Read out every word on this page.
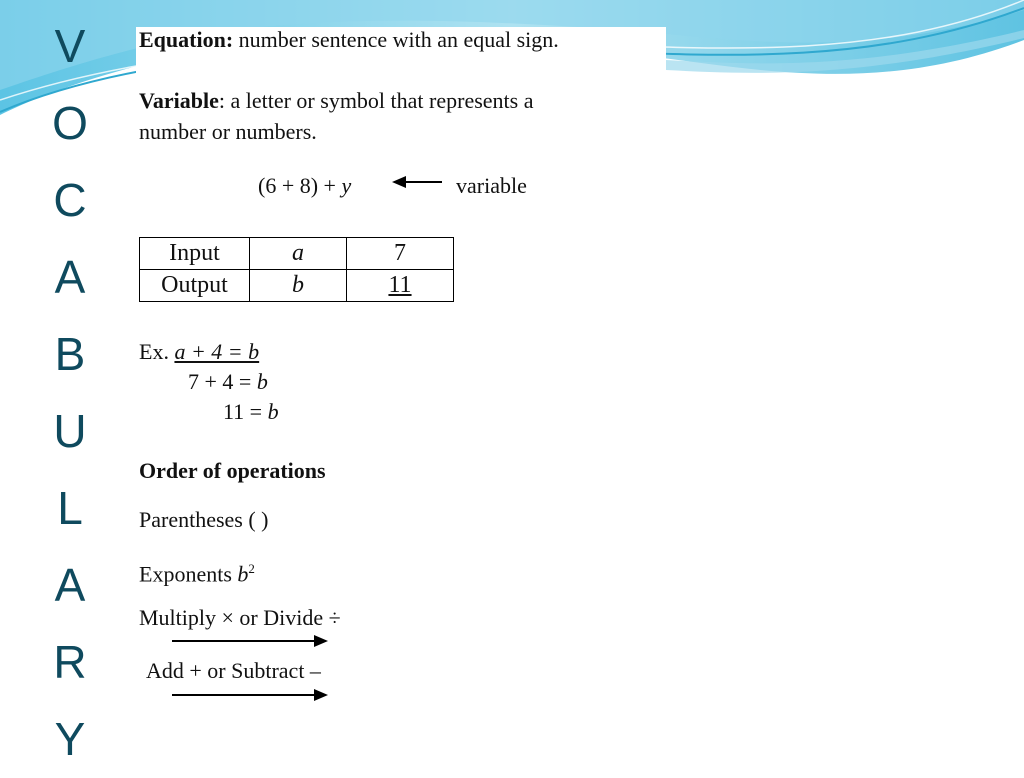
V
O
C
A
B
U
L
A
R
Y
Equation: number sentence with an equal sign.
Variable: a letter or symbol that represents a
number or numbers.
(6 + 8) + y	variable
Input	a	7
Output	b	11
Ex. a + 4 = b
7 + 4 = b
11 = b
Order of operations
Parentheses ( )
Exponents $b^2$
Multiply × or Divide ÷
Add + or Subtract –
